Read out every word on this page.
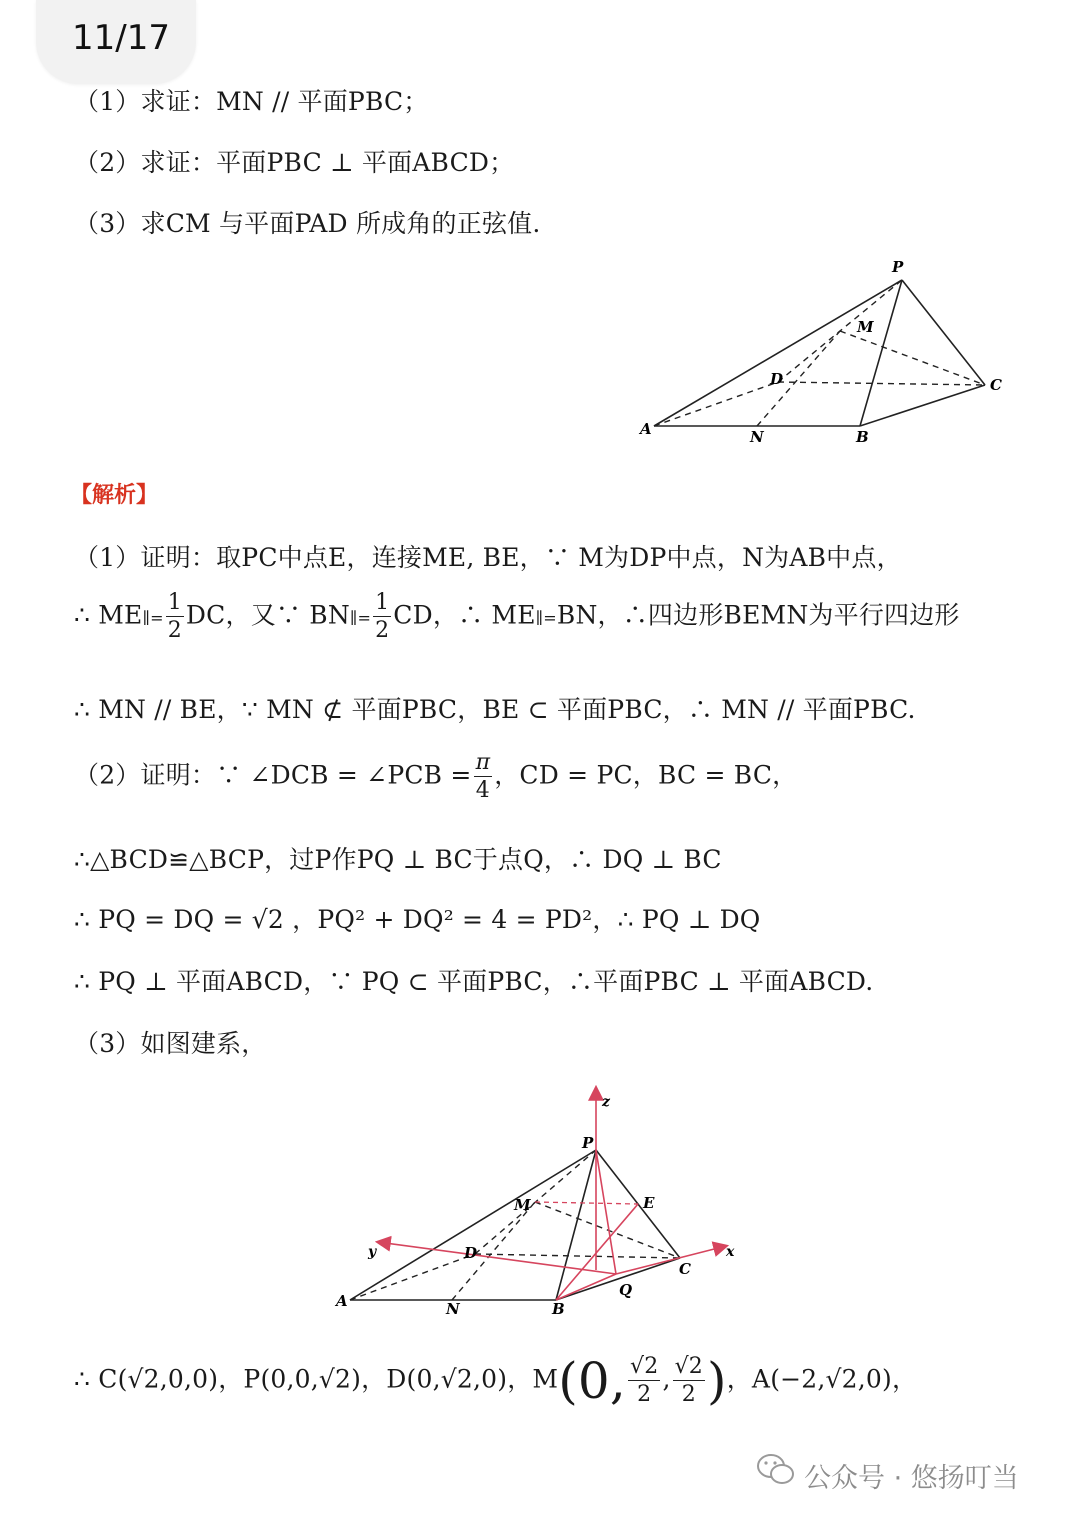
11/17
（1）求证：MN // 平面PBC；
（2）求证：平面PBC ⊥ 平面ABCD；
（3）求CM 与平面PAD 所成角的正弦值.
P
M
D	C
A	N	B
【解析】
（1）证明：取PC中点E，连接ME, BE，∵ M为DP中点，N为AB中点，
∴ ME∥= $\frac{1}{2}$ DC，又∵ BN∥= $\frac{1}{2}$ CD，∴ ME∥=BN，∴四边形BEMN为平行四边形
∴ MN // BE，∵ MN ⊄ 平面PBC，BE ⊂ 平面PBC，∴ MN // 平面PBC.
（2）证明：∵ ∠DCB = ∠PCB = $\frac{\pi}{4}$ ，CD = PC，BC = BC，
∴△BCD≌△BCP，过P作PQ ⊥ BC于点Q，∴ DQ ⊥ BC
∴ PQ = DQ = √2 ，PQ² + DQ² = 4 = PD²，∴ PQ ⊥ DQ
∴ PQ ⊥ 平面ABCD，∵ PQ ⊂ 平面PBC，∴平面PBC ⊥ 平面ABCD.
（3）如图建系，
z
P
M	E
y	D	x
C
Q
A	N	B
∴ C(√2,0,0)，P(0,0,√2)，D(0,√2,0)，M(0, $\frac{√2}{2}$ , $\frac{√2}{2}$ )，A(−2,√2,0)，
公众号 · 悠扬叮当
